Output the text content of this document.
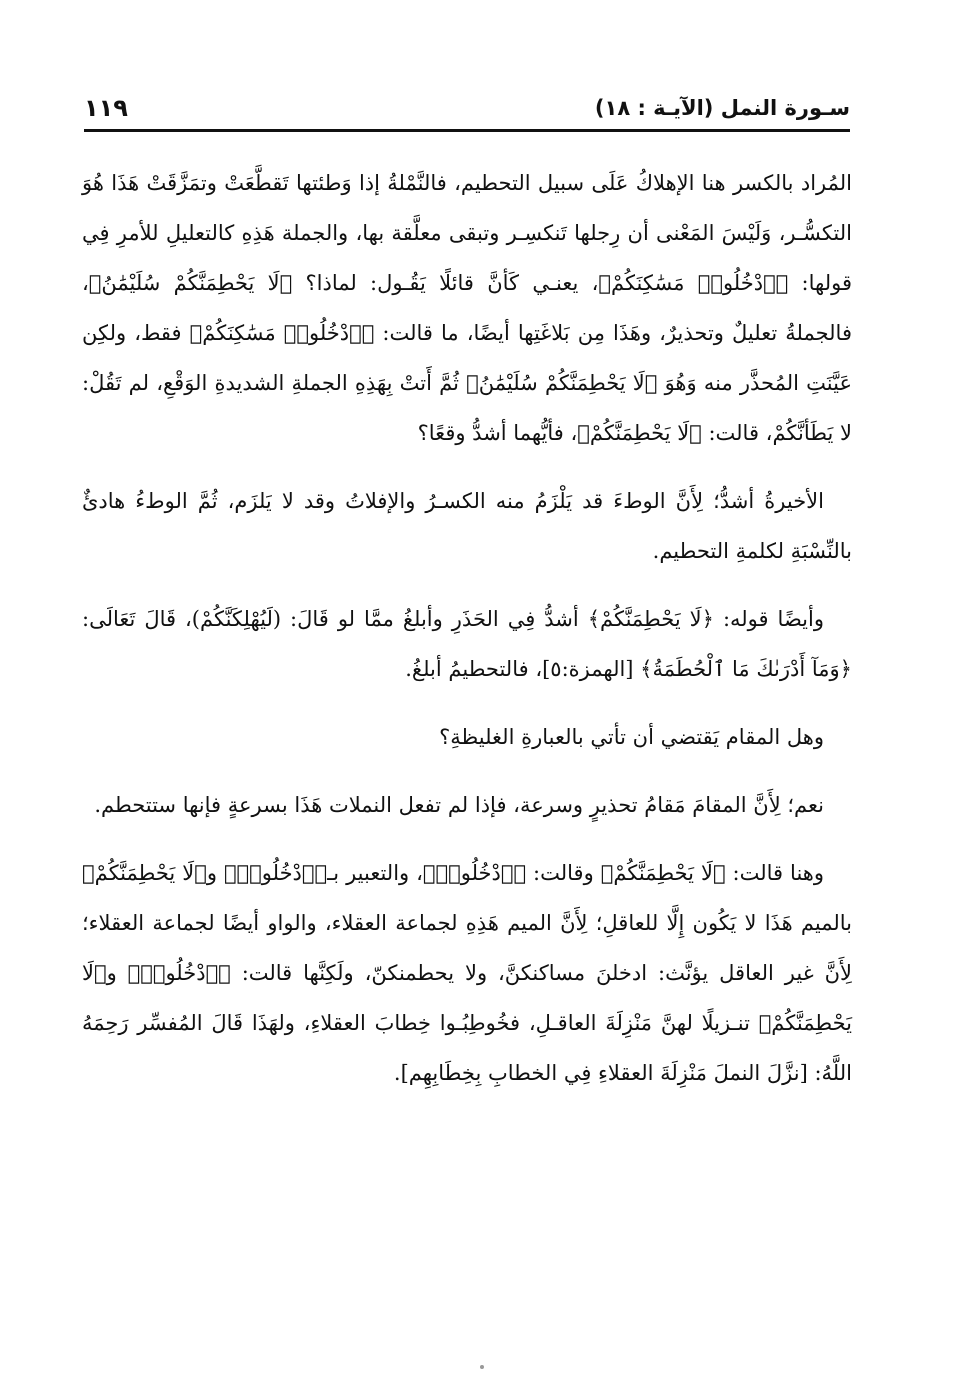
سـورة النمل (الآيـة : ١٨)
١١٩

المُراد بالكسر هنا الإهلاكُ عَلَى سبيل التحطيم، فالنَّمْلةُ إذا وَطئتها تَقطَّعَتْ وتمَزَّقَتْ هَذَا هُوَ التكسُّـر، وَلَيْسَ المَعْنى أن رِجلها تَنكسِـر وتبقى معلَّقة بها، والجملة هَذِهِ كالتعليلِ للأمرِ فِي قولها: ﴿ٱدْخُلُوا۟ مَسَٰكِنَكُمْ﴾، يعنـي كَأنَّ قائلًا يَقُـول: لماذا؟ ﴿لَا يَحْطِمَنَّكُمْ سُلَيْمَٰنُ﴾، فالجملةُ تعليلٌ وتحذيرٌ، وهَذَا مِن بَلاغَتِها أيضًا، ما قالت: ﴿ٱدْخُلُوا۟ مَسَٰكِنَكُمْ﴾ فقط، ولكِن عَيَّنَتِ المُحذَّر منه وَهُوَ ﴿لَا يَحْطِمَنَّكُمْ سُلَيْمَٰنُ﴾ ثُمَّ أَتتْ بِهَذِهِ الجملةِ الشديدةِ الوَقْعِ، لم تَقُلْ: لا يَطَأنَّكُمْ، قالت: ﴿لَا يَحْطِمَنَّكُمْ﴾، فأيُّهما أشدُّ وقعًا؟

الأخيرةُ أشدُّ؛ لِأَنَّ الوطءَ قد يَلْزَمُ منه الكسـرُ والإفلاتُ وقد لا يَلزَم، ثُمَّ الوطءُ هادئٌ بالنِّسْبَةِ لكلمةِ التحطيم.

وأيضًا قوله: ﴿لَا يَحْطِمَنَّكُمْ﴾ أشدُّ فِي الحَذَرِ وأبلغُ ممَّا لو قَالَ: (لَيُهْلِكَنَّكُمْ)، قَالَ تَعَالَى: ﴿وَمَآ أَدْرَىٰكَ مَا ٱلْحُطَمَةُ﴾ [الهمزة:٥]، فالتحطيمُ أبلغُ.

وهل المقام يَقتضي أن تأتي بالعبارةِ الغليظةِ؟

نعم؛ لِأَنَّ المقامَ مَقامُ تحذيرٍ وسرعة، فإذا لم تفعل النملات هَذَا بسرعةٍ فإنها ستتحطم.

وهنا قالت: ﴿لَا يَحْطِمَنَّكُمْ﴾ وقالت: ﴿ٱدْخُلُوا۟﴾، والتعبير بـ﴿ٱدْخُلُوا۟﴾ و﴿لَا يَحْطِمَنَّكُمْ﴾ بالميم هَذَا لا يَكُون إِلَّا للعاقلِ؛ لِأَنَّ الميم هَذِهِ لجماعة العقلاء، والواو أيضًا لجماعة العقلاء؛ لِأَنَّ غير العاقل يؤنَّث: ادخلنَ مساكنكنَّ، ولا يحطمنكنّ، ولَكِنَّها قالت: ﴿ٱدْخُلُوا۟﴾ و﴿لَا يَحْطِمَنَّكُمْ﴾ تنـزيلًا لهنَّ مَنْزِلَةَ العاقـلِ، فخُوطِبُـوا خِطابَ العقلاءِ، ولهَذَا قَالَ المُفسِّر رَحِمَهُ اللَّهُ: [نزَّلَ النملَ مَنْزِلَةَ العقلاءِ فِي الخطابِ بِخِطَابِهِم].
